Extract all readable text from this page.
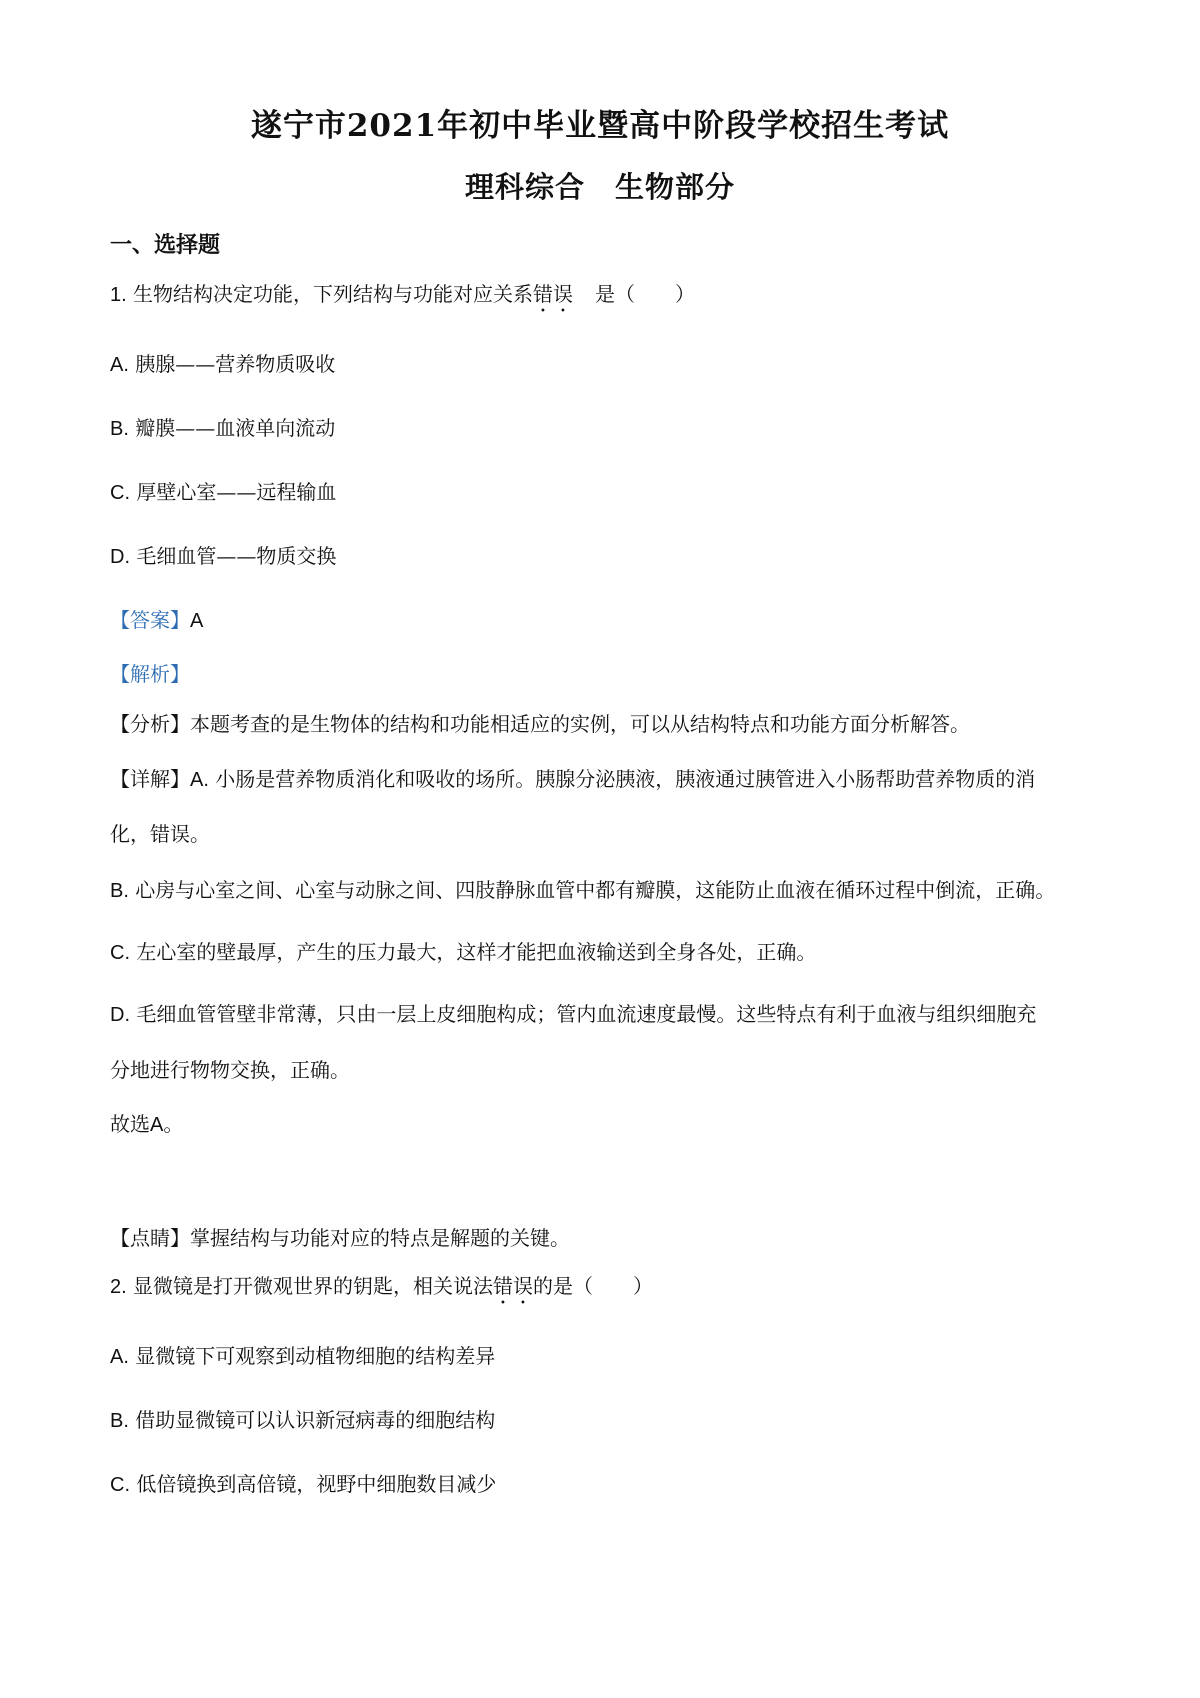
遂宁市2021年初中毕业暨高中阶段学校招生考试
理科综合　生物部分
一、选择题
1. 生物结构决定功能，下列结构与功能对应关系错误 是（　　）
A. 胰腺——营养物质吸收
B. 瓣膜——血液单向流动
C. 厚壁心室——远程输血
D. 毛细血管——物质交换
【答案】A
【解析】
【分析】本题考查的是生物体的结构和功能相适应的实例，可以从结构特点和功能方面分析解答。
【详解】A. 小肠是营养物质消化和吸收的场所。胰腺分泌胰液，胰液通过胰管进入小肠帮助营养物质的消
化，错误。
B. 心房与心室之间、心室与动脉之间、四肢静脉血管中都有瓣膜，这能防止血液在循环过程中倒流，正确。
C. 左心室的壁最厚，产生的压力最大，这样才能把血液输送到全身各处，正确。
D. 毛细血管管壁非常薄，只由一层上皮细胞构成；管内血流速度最慢。这些特点有利于血液与组织细胞充
分地进行物物交换，正确。
故选A。
【点睛】掌握结构与功能对应的特点是解题的关键。
2. 显微镜是打开微观世界的钥匙，相关说法错误的是（　　）
A. 显微镜下可观察到动植物细胞的结构差异
B. 借助显微镜可以认识新冠病毒的细胞结构
C. 低倍镜换到高倍镜，视野中细胞数目减少
